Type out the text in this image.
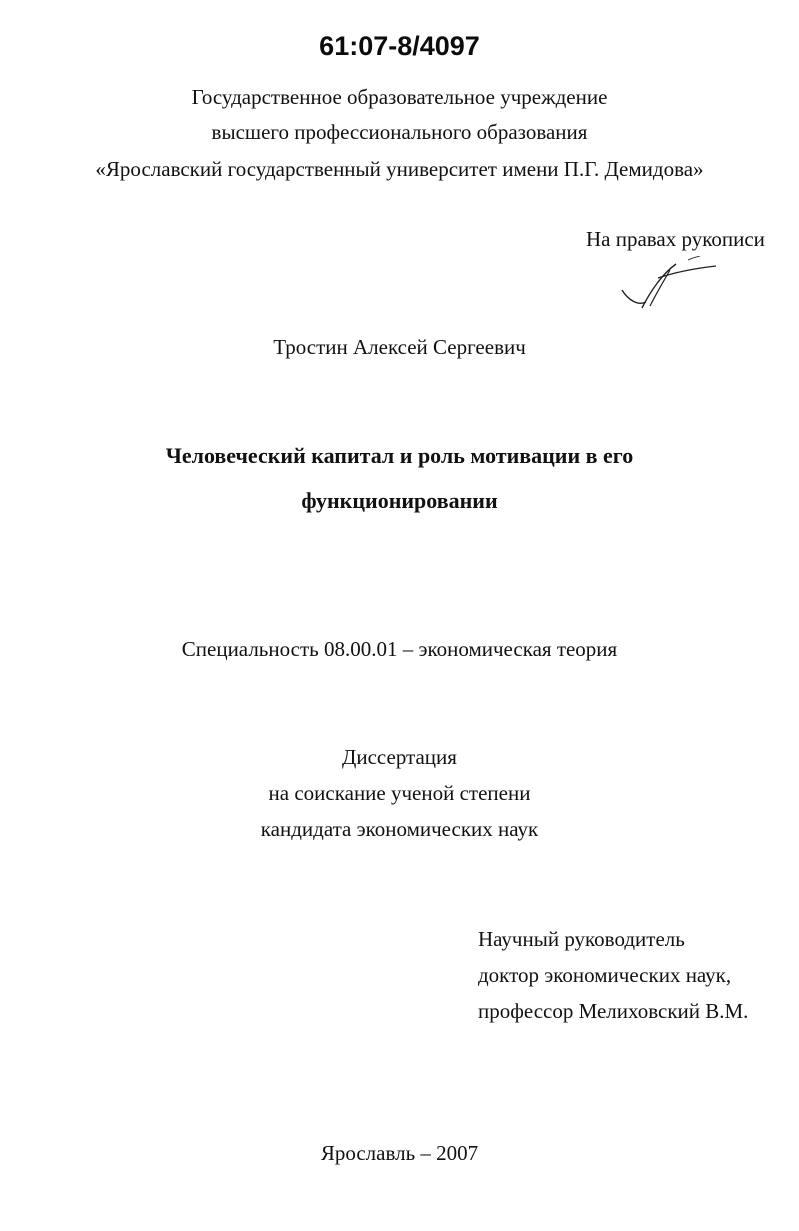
61:07-8/4097
Государственное образовательное учреждение
высшего профессионального образования
«Ярославский государственный университет имени П.Г. Демидова»
На правах рукописи
Тростин Алексей Сергеевич
Человеческий капитал и роль мотивации в его
функционировании
Специальность 08.00.01 – экономическая теория
Диссертация
на соискание ученой степени
кандидата экономических наук
Научный руководитель
доктор экономических наук,
профессор Мелиховский В.М.
Ярославль – 2007
